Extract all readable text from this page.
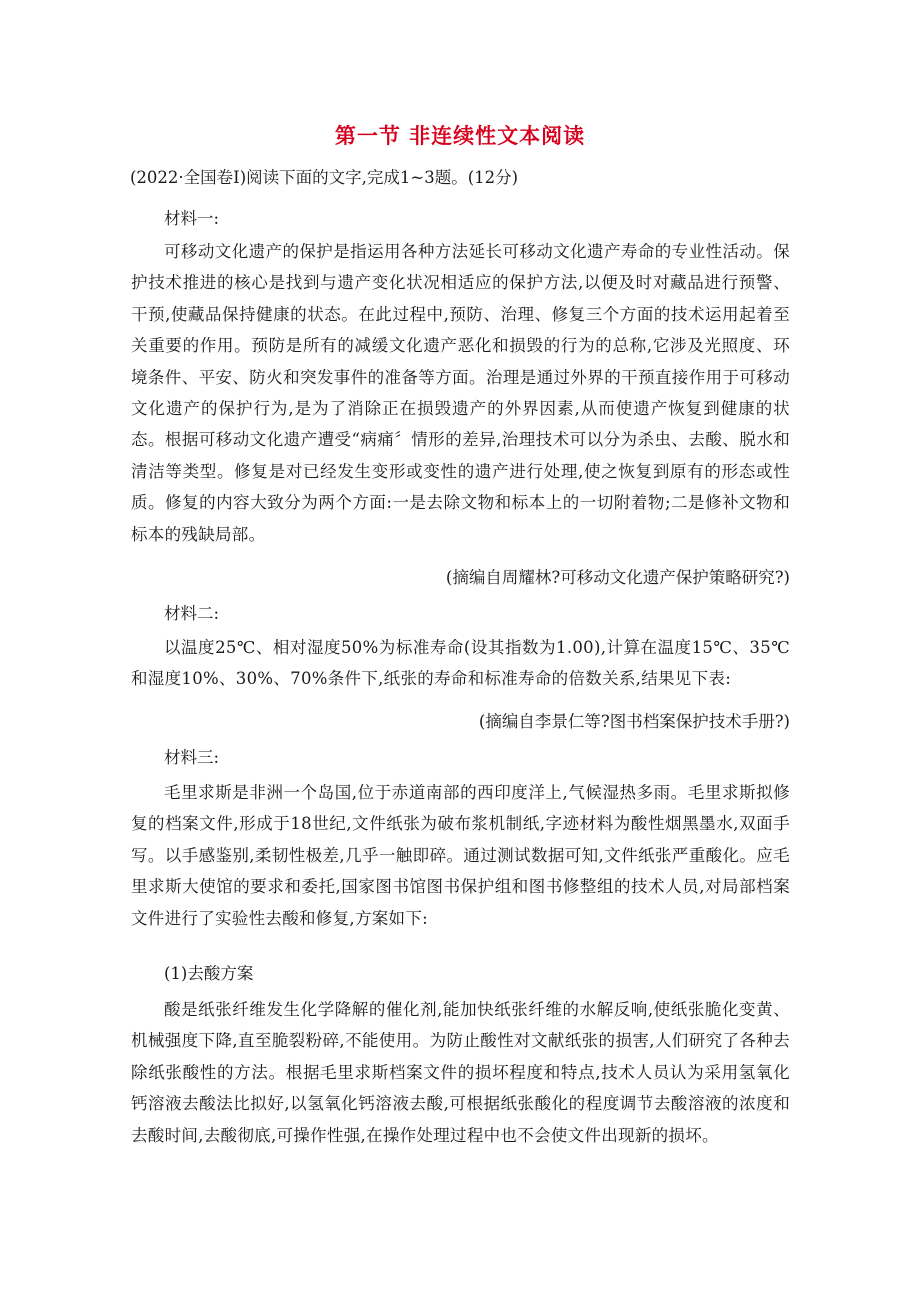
第一节 非连续性文本阅读
(2022·全国卷Ⅰ)阅读下面的文字,完成1~3题。(12分)
材料一:
可移动文化遗产的保护是指运用各种方法延长可移动文化遗产寿命的专业性活动。保护技术推进的核心是找到与遗产变化状况相适应的保护方法,以便及时对藏品进行预警、干预,使藏品保持健康的状态。在此过程中,预防、治理、修复三个方面的技术运用起着至关重要的作用。预防是所有的减缓文化遗产恶化和损毁的行为的总称,它涉及光照度、环境条件、平安、防火和突发事件的准备等方面。治理是通过外界的干预直接作用于可移动文化遗产的保护行为,是为了消除正在损毁遗产的外界因素,从而使遗产恢复到健康的状态。根据可移动文化遗产遭受“病痛〞情形的差异,治理技术可以分为杀虫、去酸、脱水和清洁等类型。修复是对已经发生变形或变性的遗产进行处理,使之恢复到原有的形态或性质。修复的内容大致分为两个方面:一是去除文物和标本上的一切附着物;二是修补文物和标本的残缺局部。
(摘编自周耀林?可移动文化遗产保护策略研究?)
材料二:
以温度25℃、相对湿度50%为标准寿命(设其指数为1.00),计算在温度15℃、35℃和湿度10%、30%、70%条件下,纸张的寿命和标准寿命的倍数关系,结果见下表:
(摘编自李景仁等?图书档案保护技术手册?)
材料三:
毛里求斯是非洲一个岛国,位于赤道南部的西印度洋上,气候湿热多雨。毛里求斯拟修复的档案文件,形成于18世纪,文件纸张为破布浆机制纸,字迹材料为酸性烟黑墨水,双面手写。以手感鉴别,柔韧性极差,几乎一触即碎。通过测试数据可知,文件纸张严重酸化。应毛里求斯大使馆的要求和委托,国家图书馆图书保护组和图书修整组的技术人员,对局部档案文件进行了实验性去酸和修复,方案如下:
(1)去酸方案
酸是纸张纤维发生化学降解的催化剂,能加快纸张纤维的水解反响,使纸张脆化变黄、机械强度下降,直至脆裂粉碎,不能使用。为防止酸性对文献纸张的损害,人们研究了各种去除纸张酸性的方法。根据毛里求斯档案文件的损坏程度和特点,技术人员认为采用氢氧化钙溶液去酸法比拟好,以氢氧化钙溶液去酸,可根据纸张酸化的程度调节去酸溶液的浓度和去酸时间,去酸彻底,可操作性强,在操作处理过程中也不会使文件出现新的损坏。
